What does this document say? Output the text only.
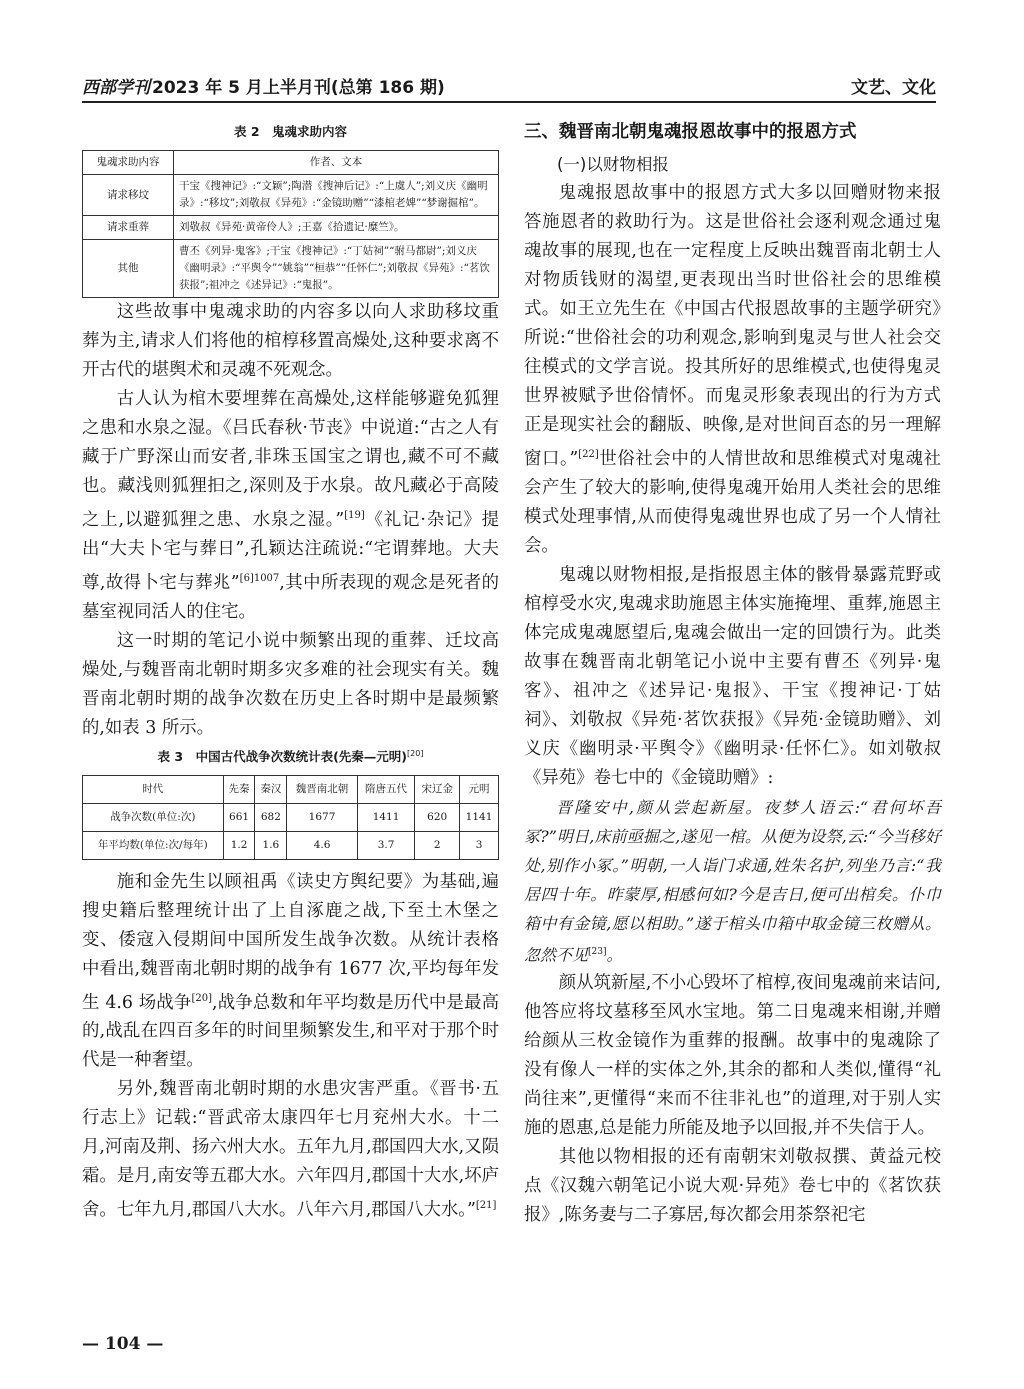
西部学刊 2023 年 5 月上半月刊(总第 186 期)	文艺、文化
表 2　鬼魂求助内容
鬼魂求助内容	作者、文本
请求移坟	干宝《搜神记》:“文颖”;陶潜《搜神后记》:“上虞人”;刘义庆《幽明录》:“移坟”;刘敬叔《异苑》:“金镜助赠”“漆棺老婢”“梦谢掘棺”。
请求重葬	刘敬叔《异苑·黄帝伶人》;王嘉《拾遗记·糜竺》。
其他	曹丕《列异·鬼客》;干宝《搜神记》:“丁姑祠”“驸马都尉”;刘义庆《幽明录》:“平舆令”“姚翁”“桓恭”“任怀仁”;刘敬叔《异苑》:“茗饮获报”;祖冲之《述异记》:“鬼报”。

这些故事中鬼魂求助的内容多以向人求助移坟重葬为主,请求人们将他的棺椁移置高燥处,这种要求离不开古代的堪舆术和灵魂不死观念。

古人认为棺木要埋葬在高燥处,这样能够避免狐狸之患和水泉之湿。《吕氏春秋·节丧》中说道:“古之人有藏于广野深山而安者,非珠玉国宝之谓也,藏不可不藏也。藏浅则狐狸抇之,深则及于水泉。故凡藏必于高陵之上,以避狐狸之患、水泉之湿。”[19]《礼记·杂记》提出“大夫卜宅与葬日”,孔颖达注疏说:“宅谓葬地。大夫尊,故得卜宅与葬兆”$^{[6]1007}$,其中所表现的观念是死者的墓室视同活人的住宅。

这一时期的笔记小说中频繁出现的重葬、迁坟高燥处,与魏晋南北朝时期多灾多难的社会现实有关。魏晋南北朝时期的战争次数在历史上各时期中是最频繁的,如表 3 所示。

表 3　中国古代战争次数统计表(先秦—元明)[20]
时代	先秦	秦汉	魏晋南北朝	隋唐五代	宋辽金	元明
战争次数(单位:次)	661	682	1677	1411	620	1141
年平均数(单位:次/每年)	1.2	1.6	4.6	3.7	2	3

施和金先生以顾祖禹《读史方舆纪要》为基础,遍搜史籍后整理统计出了上自涿鹿之战,下至土木堡之变、倭寇入侵期间中国所发生战争次数。从统计表格中看出,魏晋南北朝时期的战争有 1677 次,平均每年发生 4.6 场战争[20],战争总数和年平均数是历代中是最高的,战乱在四百多年的时间里频繁发生,和平对于那个时代是一种奢望。

另外,魏晋南北朝时期的水患灾害严重。《晋书·五行志上》记载:“晋武帝太康四年七月兖州大水。十二月,河南及荆、扬六州大水。五年九月,郡国四大水,又陨霜。是月,南安等五郡大水。六年四月,郡国十大水,坏庐舍。七年九月,郡国八大水。八年六月,郡国八大水。”[21]

三、魏晋南北朝鬼魂报恩故事中的报恩方式
(一)以财物相报

鬼魂报恩故事中的报恩方式大多以回赠财物来报答施恩者的救助行为。这是世俗社会逐利观念通过鬼魂故事的展现,也在一定程度上反映出魏晋南北朝士人对物质钱财的渴望,更表现出当时世俗社会的思维模式。如王立先生在《中国古代报恩故事的主题学研究》所说:“世俗社会的功利观念,影响到鬼灵与世人社会交往模式的文学言说。投其所好的思维模式,也使得鬼灵世界被赋予世俗情怀。而鬼灵形象表现出的行为方式正是现实社会的翻版、映像,是对世间百态的另一理解窗口。”[22]世俗社会中的人情世故和思维模式对鬼魂社会产生了较大的影响,使得鬼魂开始用人类社会的思维模式处理事情,从而使得鬼魂世界也成了另一个人情社会。

鬼魂以财物相报,是指报恩主体的骸骨暴露荒野或棺椁受水灾,鬼魂求助施恩主体实施掩埋、重葬,施恩主体完成鬼魂愿望后,鬼魂会做出一定的回馈行为。此类故事在魏晋南北朝笔记小说中主要有曹丕《列异·鬼客》、祖冲之《述异记·鬼报》、干宝《搜神记·丁姑祠》、刘敬叔《异苑·茗饮获报》《异苑·金镜助赠》、刘义庆《幽明录·平舆令》《幽明录·任怀仁》。如刘敬叔《异苑》卷七中的《金镜助赠》:

晋隆安中,颜从尝起新屋。夜梦人语云:“君何坏吾冢?”明日,床前亟掘之,遂见一棺。从便为设祭,云:“今当移好处,别作小冢。”明朝,一人诣门求通,姓朱名护,列坐乃言:“我居四十年。昨蒙厚,相感何如?今是吉日,便可出棺矣。仆巾箱中有金镜,愿以相助。”遂于棺头巾箱中取金镜三枚赠从。忽然不见[23]。

颜从筑新屋,不小心毁坏了棺椁,夜间鬼魂前来诘问,他答应将坟墓移至风水宝地。第二日鬼魂来相谢,并赠给颜从三枚金镜作为重葬的报酬。故事中的鬼魂除了没有像人一样的实体之外,其余的都和人类似,懂得“礼尚往来”,更懂得“来而不往非礼也”的道理,对于别人实施的恩惠,总是能力所能及地予以回报,并不失信于人。

其他以物相报的还有南朝宋刘敬叔撰、黄益元校点《汉魏六朝笔记小说大观·异苑》卷七中的《茗饮获报》,陈务妻与二子寡居,每次都会用茶祭祀宅

— 104 —
